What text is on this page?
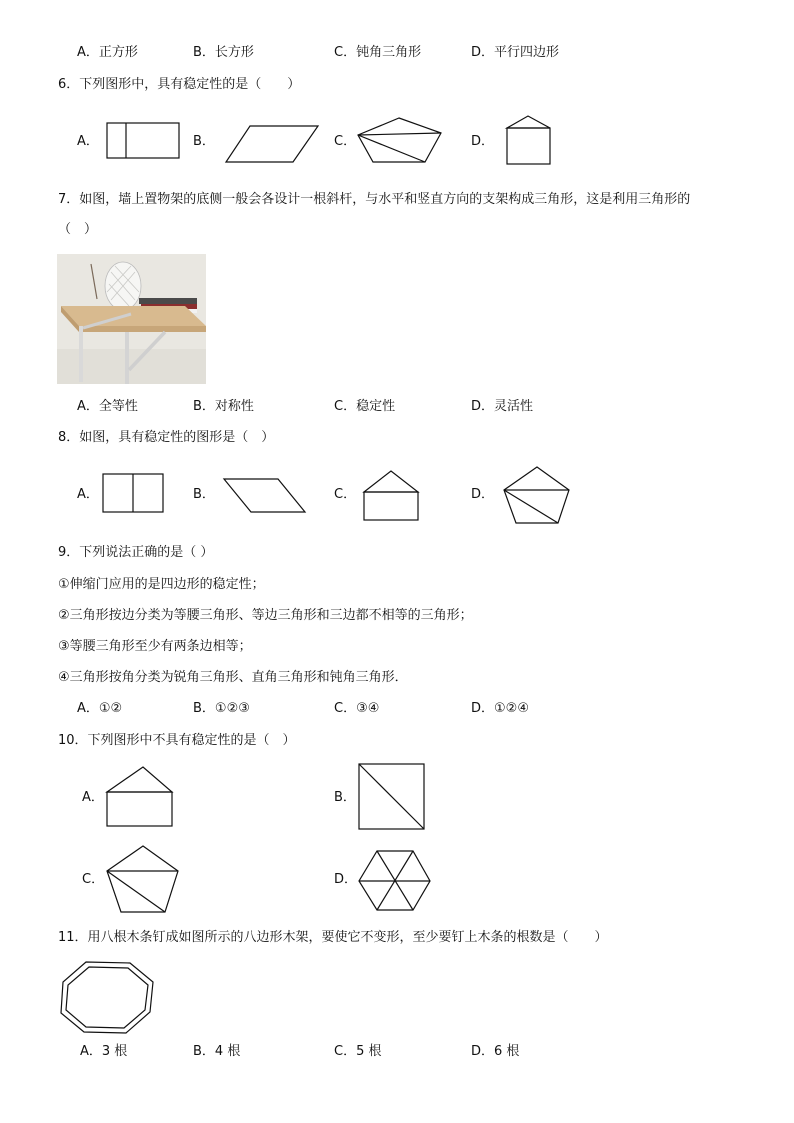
A．正方形	B．长方形	C．钝角三角形	D．平行四边形
6．下列图形中，具有稳定性的是（　　）
A．	B．	C．	D．
7．如图，墙上置物架的底侧一般会各设计一根斜杆，与水平和竖直方向的支架构成三角形，这是利用三角形的
（　）
A．全等性	B．对称性	C．稳定性	D．灵活性
8．如图，具有稳定性的图形是（　）
A．	B．	C．	D．
9．下列说法正确的是（ ）
①伸缩门应用的是四边形的稳定性；
②三角形按边分类为等腰三角形、等边三角形和三边都不相等的三角形；
③等腰三角形至少有两条边相等；
④三角形按角分类为锐角三角形、直角三角形和钝角三角形．
A．①②	B．①②③	C．③④	D．①②④
10．下列图形中不具有稳定性的是（　）
A．	B．
C．	D．
11．用八根木条钉成如图所示的八边形木架，要使它不变形，至少要钉上木条的根数是（　　）
A．3 根	B．4 根	C．5 根	D．6 根
